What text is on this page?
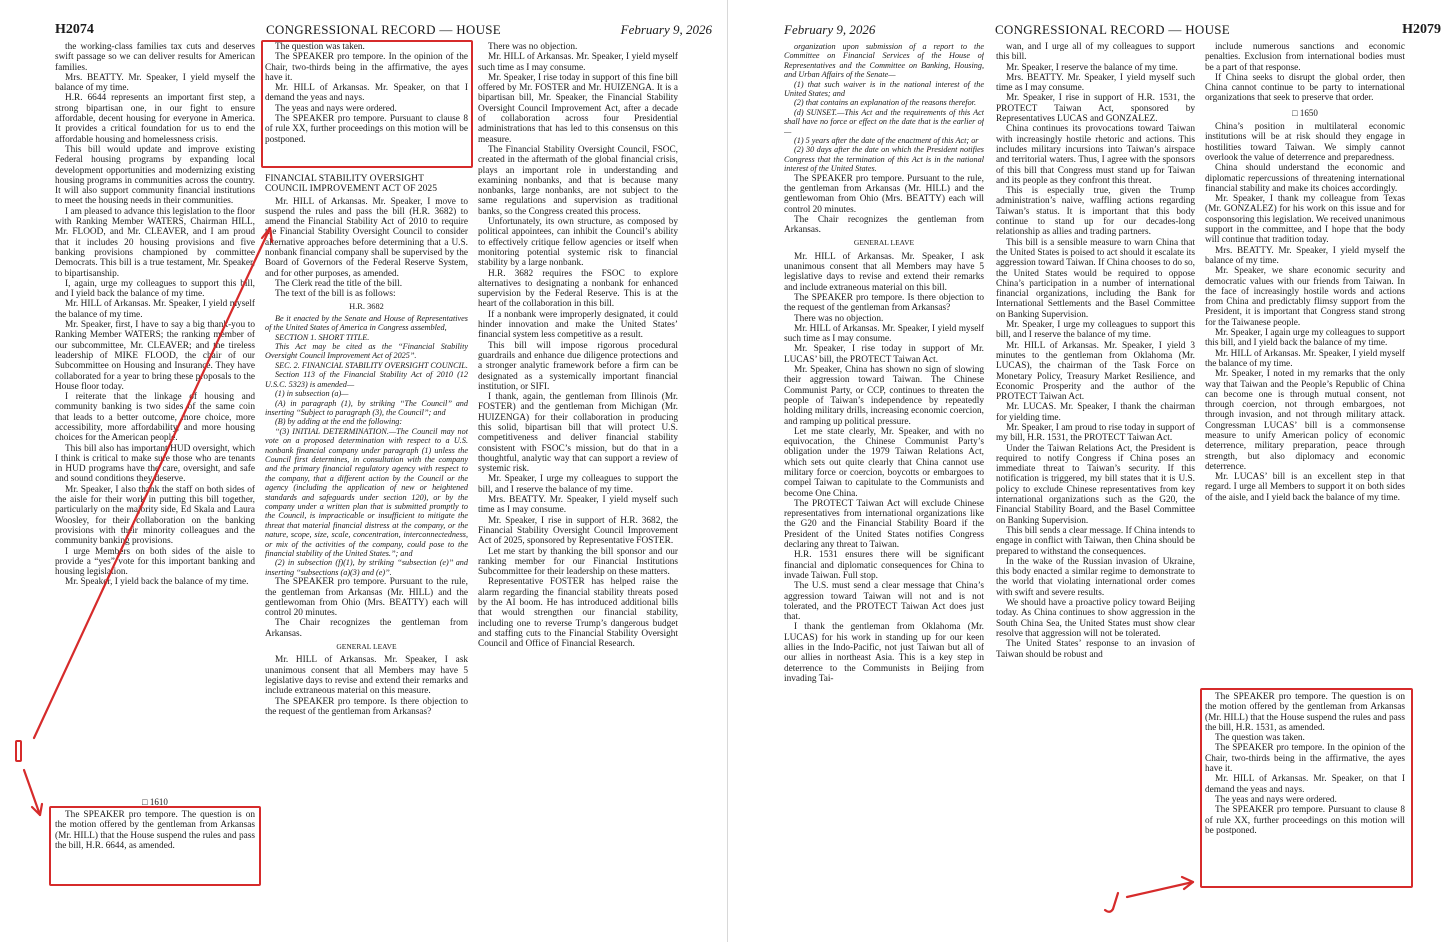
H2074	CONGRESSIONAL RECORD — HOUSE	February 9, 2026

the working-class families tax cuts and deserves swift passage so we can deliver results for American families.

Mrs. BEATTY. Mr. Speaker, I yield myself the balance of my time.

H.R. 6644 represents an important first step, a strong bipartisan one, in our fight to ensure affordable, decent housing for everyone in America. It provides a critical foundation for us to end the affordable housing and homelessness crisis.

This bill would update and improve existing Federal housing programs by expanding local development opportunities and modernizing existing housing programs in communities across the country. It will also support community financial institutions to meet the housing needs in their communities.

I am pleased to advance this legislation to the floor with Ranking Member WATERS, Chairman HILL, Mr. FLOOD, and Mr. CLEAVER, and I am proud that it includes 20 housing provisions and five banking provisions championed by committee Democrats. This bill is a true testament, Mr. Speaker, to bipartisanship.

I, again, urge my colleagues to support this bill, and I yield back the balance of my time.

Mr. HILL of Arkansas. Mr. Speaker, I yield myself the balance of my time.

Mr. Speaker, first, I have to say a big thank-you to Ranking Member WATERS; the ranking member of our subcommittee, Mr. CLEAVER; and the tireless leadership of MIKE FLOOD, the chair of our Subcommittee on Housing and Insurance. They have collaborated for a year to bring these proposals to the House floor today.

I reiterate that the linkage of housing and community banking is two sides of the same coin that leads to a better outcome, more choice, more accessibility, more affordability, and more housing choices for the American people.

This bill also has important HUD oversight, which I think is critical to make sure those who are tenants in HUD programs have the care, oversight, and safe and sound conditions they deserve.

Mr. Speaker, I also thank the staff on both sides of the aisle for their work in putting this bill together, particularly on the majority side, Ed Skala and Laura Woosley, for their collaboration on the banking provisions with their minority colleagues and the community banking provisions.

I urge Members on both sides of the aisle to provide a “yes” vote for this important banking and housing legislation.

Mr. Speaker, I yield back the balance of my time.

□ 1610

The SPEAKER pro tempore. The question is on the motion offered by the gentleman from Arkansas (Mr. HILL) that the House suspend the rules and pass the bill, H.R. 6644, as amended.

The question was taken.

The SPEAKER pro tempore. In the opinion of the Chair, two-thirds being in the affirmative, the ayes have it.

Mr. HILL of Arkansas. Mr. Speaker, on that I demand the yeas and nays.

The yeas and nays were ordered.

The SPEAKER pro tempore. Pursuant to clause 8 of rule XX, further proceedings on this motion will be postponed.

FINANCIAL STABILITY OVERSIGHT COUNCIL IMPROVEMENT ACT OF 2025

Mr. HILL of Arkansas. Mr. Speaker, I move to suspend the rules and pass the bill (H.R. 3682) to amend the Financial Stability Act of 2010 to require the Financial Stability Oversight Council to consider alternative approaches before determining that a U.S. nonbank financial company shall be supervised by the Board of Governors of the Federal Reserve System, and for other purposes, as amended.

The Clerk read the title of the bill.

The text of the bill is as follows:

H.R. 3682

Be it enacted by the Senate and House of Representatives of the United States of America in Congress assembled,

SECTION 1. SHORT TITLE.

This Act may be cited as the ‘‘Financial Stability Oversight Council Improvement Act of 2025’’.

SEC. 2. FINANCIAL STABILITY OVERSIGHT COUNCIL.

Section 113 of the Financial Stability Act of 2010 (12 U.S.C. 5323) is amended—

(1) in subsection (a)—

(A) in paragraph (1), by striking ‘‘The Council’’ and inserting ‘‘Subject to paragraph (3), the Council’’; and

(B) by adding at the end the following:

‘‘(3) INITIAL DETERMINATION.—The Council may not vote on a proposed determination with respect to a U.S. nonbank financial company under paragraph (1) unless the Council first determines, in consultation with the company and the primary financial regulatory agency with respect to the company, that a different action by the Council or the agency (including the application of new or heightened standards and safeguards under section 120), or by the company under a written plan that is submitted promptly to the Council, is impracticable or insufficient to mitigate the threat that material financial distress at the company, or the nature, scope, size, scale, concentration, interconnectedness, or mix of the activities of the company, could pose to the financial stability of the United States.’’; and

(2) in subsection (f)(1), by striking ‘‘subsection (e)’’ and inserting ‘‘subsections (a)(3) and (e)’’.

The SPEAKER pro tempore. Pursuant to the rule, the gentleman from Arkansas (Mr. HILL) and the gentlewoman from Ohio (Mrs. BEATTY) each will control 20 minutes.

The Chair recognizes the gentleman from Arkansas.

GENERAL LEAVE

Mr. HILL of Arkansas. Mr. Speaker, I ask unanimous consent that all Members may have 5 legislative days to revise and extend their remarks and include extraneous material on this measure.

The SPEAKER pro tempore. Is there objection to the request of the gentleman from Arkansas?

There was no objection.

Mr. HILL of Arkansas. Mr. Speaker, I yield myself such time as I may consume.

Mr. Speaker, I rise today in support of this fine bill offered by Mr. FOSTER and Mr. HUIZENGA. It is a bipartisan bill, Mr. Speaker, the Financial Stability Oversight Council Improvement Act, after a decade of collaboration across four Presidential administrations that has led to this consensus on this measure.

The Financial Stability Oversight Council, FSOC, created in the aftermath of the global financial crisis, plays an important role in understanding and examining nonbanks, and that is because many nonbanks, large nonbanks, are not subject to the same regulations and supervision as traditional banks, so the Congress created this process.

Unfortunately, its own structure, as composed by political appointees, can inhibit the Council’s ability to effectively critique fellow agencies or itself when monitoring potential systemic risk to financial stability by a large nonbank.

H.R. 3682 requires the FSOC to explore alternatives to designating a nonbank for enhanced supervision by the Federal Reserve. This is at the heart of the collaboration in this bill.

If a nonbank were improperly designated, it could hinder innovation and make the United States’ financial system less competitive as a result.

This bill will impose rigorous procedural guardrails and enhance due diligence protections and a stronger analytic framework before a firm can be designated as a systemically important financial institution, or SIFI.

I thank, again, the gentleman from Illinois (Mr. FOSTER) and the gentleman from Michigan (Mr. HUIZENGA) for their collaboration in producing this solid, bipartisan bill that will protect U.S. competitiveness and deliver financial stability consistent with FSOC’s mission, but do that in a thoughtful, analytic way that can support a review of systemic risk.

Mr. Speaker, I urge my colleagues to support the bill, and I reserve the balance of my time.

Mrs. BEATTY. Mr. Speaker, I yield myself such time as I may consume.

Mr. Speaker, I rise in support of H.R. 3682, the Financial Stability Oversight Council Improvement Act of 2025, sponsored by Representative FOSTER.

Let me start by thanking the bill sponsor and our ranking member for our Financial Institutions Subcommittee for their leadership on these matters.

Representative FOSTER has helped raise the alarm regarding the financial stability threats posed by the AI boom. He has introduced additional bills that would strengthen our financial stability, including one to reverse Trump’s dangerous budget and staffing cuts to the Financial Stability Oversight Council and Office of Financial Research.

February 9, 2026	CONGRESSIONAL RECORD — HOUSE	H2079

organization upon submission of a report to the Committee on Financial Services of the House of Representatives and the Committee on Banking, Housing, and Urban Affairs of the Senate—

(1) that such waiver is in the national interest of the United States; and

(2) that contains an explanation of the reasons therefor.

(d) SUNSET.—This Act and the requirements of this Act shall have no force or effect on the date that is the earlier of—

(1) 5 years after the date of the enactment of this Act; or

(2) 30 days after the date on which the President notifies Congress that the termination of this Act is in the national interest of the United States.

The SPEAKER pro tempore. Pursuant to the rule, the gentleman from Arkansas (Mr. HILL) and the gentlewoman from Ohio (Mrs. BEATTY) each will control 20 minutes.

The Chair recognizes the gentleman from Arkansas.

GENERAL LEAVE

Mr. HILL of Arkansas. Mr. Speaker, I ask unanimous consent that all Members may have 5 legislative days to revise and extend their remarks and include extraneous material on this bill.

The SPEAKER pro tempore. Is there objection to the request of the gentleman from Arkansas?

There was no objection.

Mr. HILL of Arkansas. Mr. Speaker, I yield myself such time as I may consume.

Mr. Speaker, I rise today in support of Mr. LUCAS’ bill, the PROTECT Taiwan Act.

Mr. Speaker, China has shown no sign of slowing their aggression toward Taiwan. The Chinese Communist Party, or CCP, continues to threaten the people of Taiwan’s independence by repeatedly holding military drills, increasing economic coercion, and ramping up political pressure.

Let me state clearly, Mr. Speaker, and with no equivocation, the Chinese Communist Party’s obligation under the 1979 Taiwan Relations Act, which sets out quite clearly that China cannot use military force or coercion, boycotts or embargoes to compel Taiwan to capitulate to the Communists and become One China.

The PROTECT Taiwan Act will exclude Chinese representatives from international organizations like the G20 and the Financial Stability Board if the President of the United States notifies Congress declaring any threat to Taiwan.

H.R. 1531 ensures there will be significant financial and diplomatic consequences for China to invade Taiwan. Full stop.

The U.S. must send a clear message that China’s aggression toward Taiwan will not and is not tolerated, and the PROTECT Taiwan Act does just that.

I thank the gentleman from Oklahoma (Mr. LUCAS) for his work in standing up for our keen allies in the Indo-Pacific, not just Taiwan but all of our allies in northeast Asia. This is a key step in deterrence to the Communists in Beijing from invading Tai-

wan, and I urge all of my colleagues to support this bill.

Mr. Speaker, I reserve the balance of my time.

Mrs. BEATTY. Mr. Speaker, I yield myself such time as I may consume.

Mr. Speaker, I rise in support of H.R. 1531, the PROTECT Taiwan Act, sponsored by Representatives LUCAS and GONZALEZ.

China continues its provocations toward Taiwan with increasingly hostile rhetoric and actions. This includes military incursions into Taiwan’s airspace and territorial waters. Thus, I agree with the sponsors of this bill that Congress must stand up for Taiwan and its people as they confront this threat.

This is especially true, given the Trump administration’s naive, waffling actions regarding Taiwan’s status. It is important that this body continue to stand up for our decades-long relationship as allies and trading partners.

This bill is a sensible measure to warn China that the United States is poised to act should it escalate its aggression toward Taiwan. If China chooses to do so, the United States would be required to oppose China’s participation in a number of international financial organizations, including the Bank for International Settlements and the Basel Committee on Banking Supervision.

Mr. Speaker, I urge my colleagues to support this bill, and I reserve the balance of my time.

Mr. HILL of Arkansas. Mr. Speaker, I yield 3 minutes to the gentleman from Oklahoma (Mr. LUCAS), the chairman of the Task Force on Monetary Policy, Treasury Market Resilience, and Economic Prosperity and the author of the PROTECT Taiwan Act.

Mr. LUCAS. Mr. Speaker, I thank the chairman for yielding time.

Mr. Speaker, I am proud to rise today in support of my bill, H.R. 1531, the PROTECT Taiwan Act.

Under the Taiwan Relations Act, the President is required to notify Congress if China poses an immediate threat to Taiwan’s security. If this notification is triggered, my bill states that it is U.S. policy to exclude Chinese representatives from key international organizations such as the G20, the Financial Stability Board, and the Basel Committee on Banking Supervision.

This bill sends a clear message. If China intends to engage in conflict with Taiwan, then China should be prepared to withstand the consequences.

In the wake of the Russian invasion of Ukraine, this body enacted a similar regime to demonstrate to the world that violating international order comes with swift and severe results.

We should have a proactive policy toward Beijing today. As China continues to show aggression in the South China Sea, the United States must show clear resolve that aggression will not be tolerated.

The United States’ response to an invasion of Taiwan should be robust and

include numerous sanctions and economic penalties. Exclusion from international bodies must be a part of that response.

If China seeks to disrupt the global order, then China cannot continue to be party to international organizations that seek to preserve that order.

□ 1650

China’s position in multilateral economic institutions will be at risk should they engage in hostilities toward Taiwan. We simply cannot overlook the value of deterrence and preparedness.

China should understand the economic and diplomatic repercussions of threatening international financial stability and make its choices accordingly.

Mr. Speaker, I thank my colleague from Texas (Mr. GONZALEZ) for his work on this issue and for cosponsoring this legislation. We received unanimous support in the committee, and I hope that the body will continue that tradition today.

Mrs. BEATTY. Mr. Speaker, I yield myself the balance of my time.

Mr. Speaker, we share economic security and democratic values with our friends from Taiwan. In the face of increasingly hostile words and actions from China and predictably flimsy support from the President, it is important that Congress stand strong for the Taiwanese people.

Mr. Speaker, I again urge my colleagues to support this bill, and I yield back the balance of my time.

Mr. HILL of Arkansas. Mr. Speaker, I yield myself the balance of my time.

Mr. Speaker, I noted in my remarks that the only way that Taiwan and the People’s Republic of China can become one is through mutual consent, not through coercion, not through embargoes, not through invasion, and not through military attack. Congressman LUCAS’ bill is a commonsense measure to unify American policy of economic deterrence, military preparation, peace through strength, but also diplomacy and economic deterrence.

Mr. LUCAS’ bill is an excellent step in that regard. I urge all Members to support it on both sides of the aisle, and I yield back the balance of my time.

The SPEAKER pro tempore. The question is on the motion offered by the gentleman from Arkansas (Mr. HILL) that the House suspend the rules and pass the bill, H.R. 1531, as amended.

The question was taken.

The SPEAKER pro tempore. In the opinion of the Chair, two-thirds being in the affirmative, the ayes have it.

Mr. HILL of Arkansas. Mr. Speaker, on that I demand the yeas and nays.

The yeas and nays were ordered.

The SPEAKER pro tempore. Pursuant to clause 8 of rule XX, further proceedings on this motion will be postponed.
